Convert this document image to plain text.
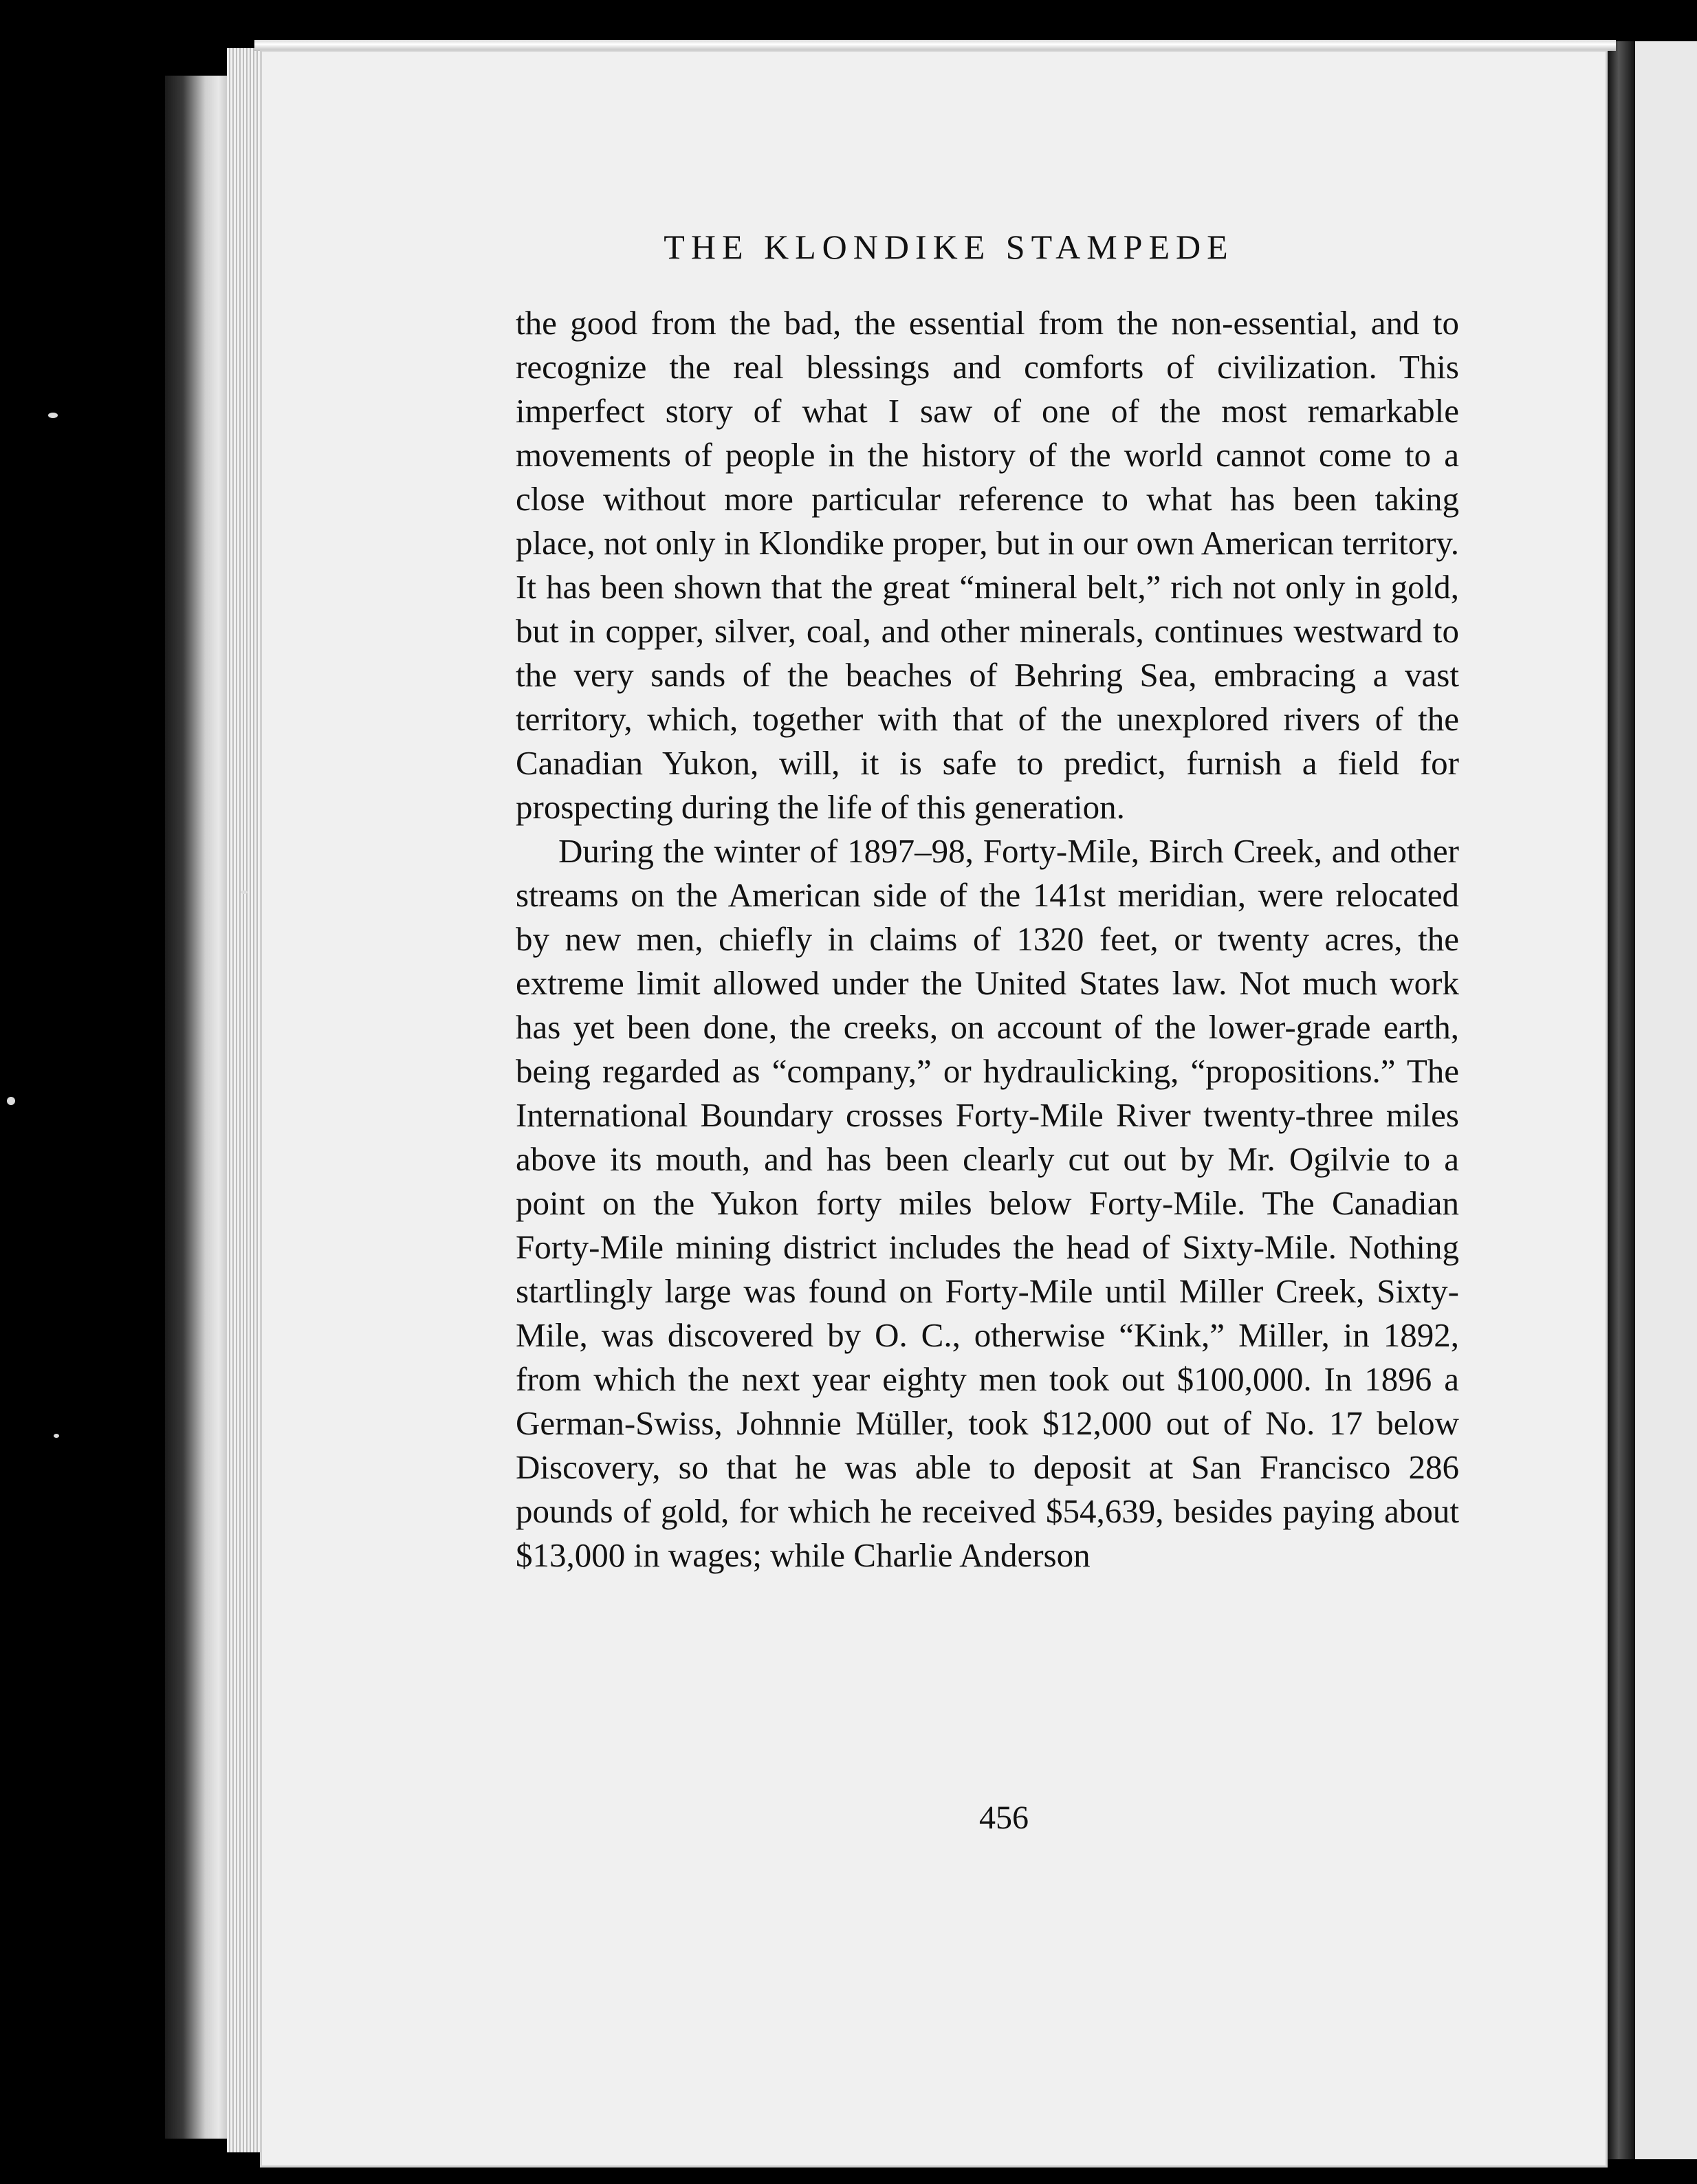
THE KLONDIKE STAMPEDE

the good from the bad, the essential from the non-essential, and to recognize the real blessings and comforts of civilization. This imperfect story of what I saw of one of the most remarkable movements of people in the history of the world cannot come to a close without more particular reference to what has been taking place, not only in Klondike proper, but in our own American territory. It has been shown that the great “mineral belt,” rich not only in gold, but in copper, silver, coal, and other minerals, continues westward to the very sands of the beaches of Behring Sea, embracing a vast territory, which, together with that of the unexplored rivers of the Canadian Yukon, will, it is safe to predict, furnish a field for prospecting during the life of this generation.

During the winter of 1897–98, Forty-Mile, Birch Creek, and other streams on the American side of the 141st meridian, were relocated by new men, chiefly in claims of 1320 feet, or twenty acres, the extreme limit allowed under the United States law. Not much work has yet been done, the creeks, on account of the lower-grade earth, being regarded as “company,” or hydraulicking, “propositions.” The International Boundary crosses Forty-Mile River twenty-three miles above its mouth, and has been clearly cut out by Mr. Ogilvie to a point on the Yukon forty miles below Forty-Mile. The Canadian Forty-Mile mining district includes the head of Sixty-Mile. Nothing startlingly large was found on Forty-Mile until Miller Creek, Sixty-Mile, was discovered by O. C., otherwise “Kink,” Miller, in 1892, from which the next year eighty men took out $100,000. In 1896 a German-Swiss, Johnnie Müller, took $12,000 out of No. 17 below Discovery, so that he was able to deposit at San Francisco 286 pounds of gold, for which he received $54,639, besides paying about $13,000 in wages; while Charlie Anderson

456
